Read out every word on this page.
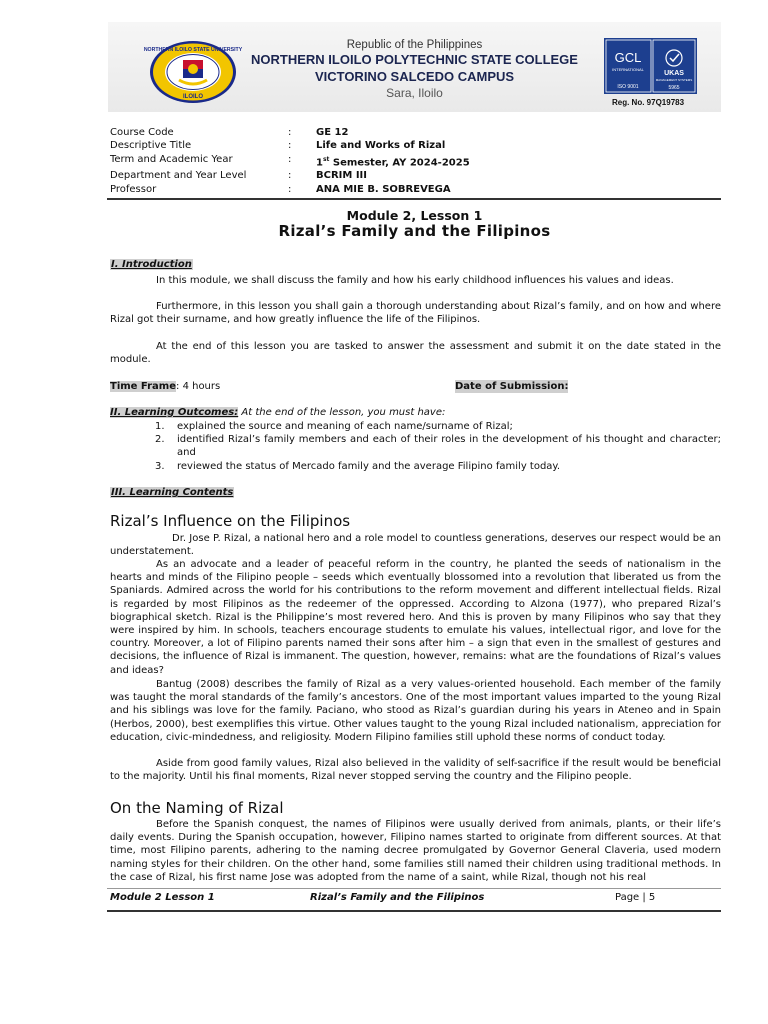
NORTHERN ILOILO STATE UNIVERSITY
ILOILO
Republic of the Philippines
NORTHERN ILOILO POLYTECHNIC STATE COLLEGE
VICTORINO SALCEDO CAMPUS
Sara, Iloilo
GCL
INTERNATIONAL
ISO 9001
UKAS
MANAGEMENT SYSTEMS
5965
Reg. No. 97Q19783
Course Code	:	GE 12
Descriptive Title	:	Life and Works of Rizal
Term and Academic Year	:	1st Semester, AY 2024-2025
Department and Year Level	:	BCRIM III
Professor	:	ANA MIE B. SOBREVEGA
Module 2, Lesson 1
Rizal’s Family and the Filipinos
I. Introduction
In this module, we shall discuss the family and how his early childhood influences his values and ideas.
Furthermore, in this lesson you shall gain a thorough understanding about Rizal’s family, and on how and where Rizal got their surname, and how greatly influence the life of the Filipinos.
At the end of this lesson you are tasked to answer the assessment and submit it on the date stated in the module.
Time Frame: 4 hours	Date of Submission:
II. Learning Outcomes: At the end of the lesson, you must have:
1.	explained the source and meaning of each name/surname of Rizal;
2.	identified Rizal’s family members and each of their roles in the development of his thought and character; and
3.	reviewed the status of Mercado family and the average Filipino family today.
III. Learning Contents
Rizal’s Influence on the Filipinos
Dr. Jose P. Rizal, a national hero and a role model to countless generations, deserves our respect would be an understatement.
As an advocate and a leader of peaceful reform in the country, he planted the seeds of nationalism in the hearts and minds of the Filipino people – seeds which eventually blossomed into a revolution that liberated us from the Spaniards. Admired across the world for his contributions to the reform movement and different intellectual fields. Rizal is regarded by most Filipinos as the redeemer of the oppressed. According to Alzona (1977), who prepared Rizal’s biographical sketch. Rizal is the Philippine’s most revered hero. And this is proven by many Filipinos who say that they were inspired by him. In schools, teachers encourage students to emulate his values, intellectual rigor, and love for the country. Moreover, a lot of Filipino parents named their sons after him – a sign that even in the smallest of gestures and decisions, the influence of Rizal is immanent. The question, however, remains: what are the foundations of Rizal’s values and ideas?
Bantug (2008) describes the family of Rizal as a very values-oriented household. Each member of the family was taught the moral standards of the family’s ancestors. One of the most important values imparted to the young Rizal and his siblings was love for the family. Paciano, who stood as Rizal’s guardian during his years in Ateneo and in Spain (Herbos, 2000), best exemplifies this virtue. Other values taught to the young Rizal included nationalism, appreciation for education, civic-mindedness, and religiosity. Modern Filipino families still uphold these norms of conduct today.
Aside from good family values, Rizal also believed in the validity of self-sacrifice if the result would be beneficial to the majority. Until his final moments, Rizal never stopped serving the country and the Filipino people.
On the Naming of Rizal
Before the Spanish conquest, the names of Filipinos were usually derived from animals, plants, or their life’s daily events. During the Spanish occupation, however, Filipino names started to originate from different sources. At that time, most Filipino parents, adhering to the naming decree promulgated by Governor General Claveria, used modern naming styles for their children. On the other hand, some families still named their children using traditional methods. In the case of Rizal, his first name Jose was adopted from the name of a saint, while Rizal, though not his real
Module 2 Lesson 1	Rizal’s Family and the Filipinos	Page | 5
